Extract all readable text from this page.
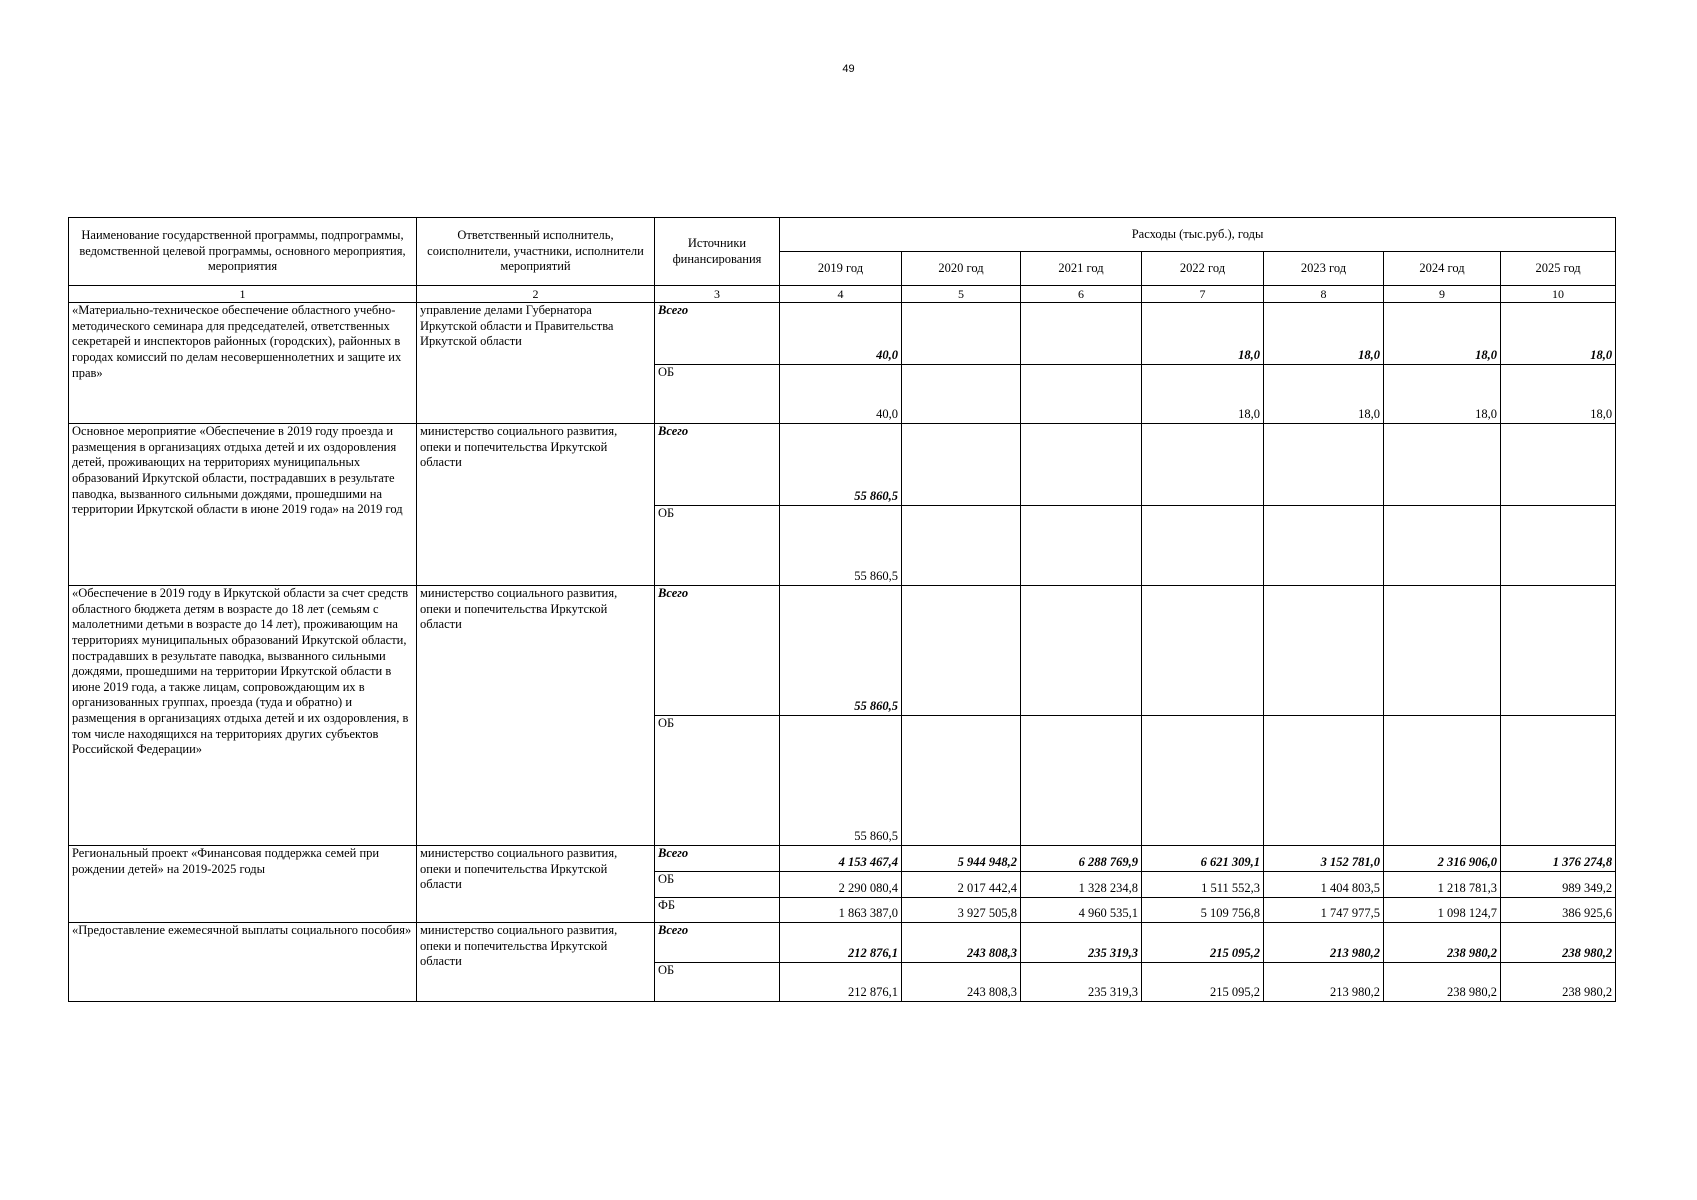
49
Наименование государственной программы, подпрограммы, ведомственной целевой программы, основного мероприятия, мероприятия	Ответственный исполнитель, соисполнители, участники, исполнители мероприятий	Источники финансирования	Расходы (тыс.руб.), годы						
			2019 год	2020 год	2021 год	2022 год	2023 год	2024 год	2025 год
1	2	3	4	5	6	7	8	9	10
«Материально-техническое обеспечение областного учебно-методического семинара для председателей, ответственных секретарей и инспекторов районных (городских), районных в городах комиссий по делам несовершеннолетних и защите их прав»	управление делами Губернатора Иркутской области и Правительства Иркутской области	Всего	40,0			18,0	18,0	18,0	18,0
		ОБ	40,0			18,0	18,0	18,0	18,0
Основное мероприятие «Обеспечение в 2019 году проезда и размещения в организациях отдыха детей и их оздоровления детей, проживающих на территориях муниципальных образований Иркутской области, пострадавших в результате паводка, вызванного сильными дождями, прошедшими на территории Иркутской области в июне 2019 года» на 2019 год	министерство социального развития, опеки и попечительства Иркутской области	Всего	55 860,5						
		ОБ	55 860,5						
«Обеспечение в 2019 году в Иркутской области за счет средств областного бюджета детям в возрасте до 18 лет (семьям с малолетними детьми в возрасте до 14 лет), проживающим на территориях муниципальных образований Иркутской области, пострадавших в результате паводка, вызванного сильными дождями, прошедшими на территории Иркутской области в июне 2019 года, а также лицам, сопровождающим их в организованных группах, проезда (туда и обратно) и размещения в организациях отдыха детей и их оздоровления, в том числе находящихся на территориях других субъектов Российской Федерации»	министерство социального развития, опеки и попечительства Иркутской области	Всего	55 860,5						
		ОБ	55 860,5						
Региональный проект «Финансовая поддержка семей при рождении детей» на 2019-2025 годы	министерство социального развития, опеки и попечительства Иркутской области	Всего	4 153 467,4	5 944 948,2	6 288 769,9	6 621 309,1	3 152 781,0	2 316 906,0	1 376 274,8
		ОБ	2 290 080,4	2 017 442,4	1 328 234,8	1 511 552,3	1 404 803,5	1 218 781,3	989 349,2
		ФБ	1 863 387,0	3 927 505,8	4 960 535,1	5 109 756,8	1 747 977,5	1 098 124,7	386 925,6
«Предоставление ежемесячной выплаты социального пособия»	министерство социального развития, опеки и попечительства Иркутской области	Всего	212 876,1	243 808,3	235 319,3	215 095,2	213 980,2	238 980,2	238 980,2
		ОБ	212 876,1	243 808,3	235 319,3	215 095,2	213 980,2	238 980,2	238 980,2
